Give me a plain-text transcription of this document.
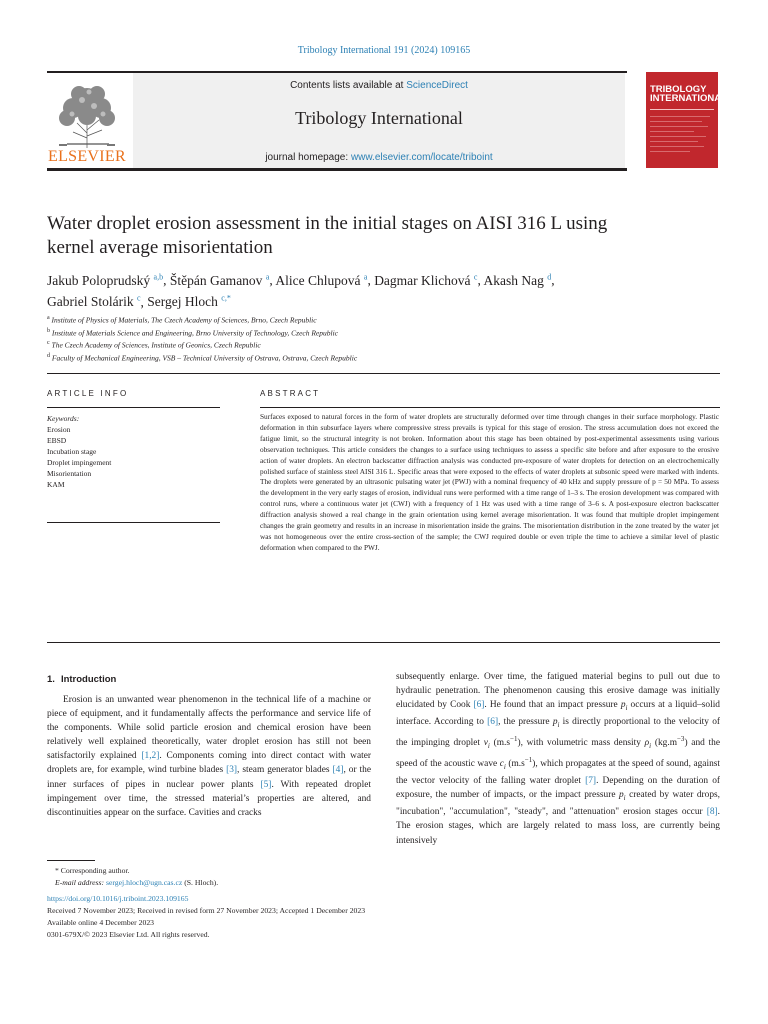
Tribology International 191 (2024) 109165
ELSEVIER
Contents lists available at ScienceDirect
Tribology International
journal homepage: www.elsevier.com/locate/triboint
TRIBOLOGY
INTERNATIONAL
Water droplet erosion assessment in the initial stages on AISI 316 L using
kernel average misorientation
Jakub Poloprudský $^{a,b}$, Štěpán Gamanov $^a$, Alice Chlupová $^a$, Dagmar Klichová $^c$, Akash Nag $^d$,
Gabriel Stolárik $^c$, Sergej Hloch $^{c,*}$
$^a$ Institute of Physics of Materials, The Czech Academy of Sciences, Brno, Czech Republic
$^b$ Institute of Materials Science and Engineering, Brno University of Technology, Czech Republic
$^c$ The Czech Academy of Sciences, Institute of Geonics, Czech Republic
$^d$ Faculty of Mechanical Engineering, VSB – Technical University of Ostrava, Ostrava, Czech Republic
ARTICLE INFO
Keywords:
Erosion
EBSD
Incubation stage
Droplet impingement
Misorientation
KAM
ABSTRACT
Surfaces exposed to natural forces in the form of water droplets are structurally deformed over time through changes in their surface morphology. Plastic deformation in thin subsurface layers where compressive stress prevails is typical for this stage of erosion. The stress accumulation does not exceed the fatigue limit, so the structural integrity is not broken. Information about this stage has been obtained by post-experimental assessments using various observation techniques. This article considers the changes to a surface using techniques to assess a specific site before and after exposure to the erosive action of water droplets. An electron backscatter diffraction analysis was conducted pre-exposure of water droplets for detection on an electrochemically polished surface of stainless steel AISI 316 L. Specific areas that were exposed to the effects of water droplets at subsonic speed were marked with indents. The droplets were generated by an ultrasonic pulsating water jet (PWJ) with a nominal frequency of 40 kHz and supply pressure of p = 50 MPa. To assess the development in the very early stages of erosion, individual runs were performed with a time range of 1–3 s. The erosion development was compared with control runs, where a continuous water jet (CWJ) with a frequency of 1 Hz was used with a time range of 3–6 s. A post-exposure electron backscatter diffraction analysis showed a real change in the grain orientation using kernel average misorientation. It was found that multiple droplet impingement changes the grain geometry and results in an increase in misorientation inside the grains. The misorientation distribution in the zone treated by the water jet was not homogeneous over the entire cross-section of the sample; the CWJ required double or even triple the time to achieve a similar level of plastic deformation when compared to the PWJ.
1. Introduction
Erosion is an unwanted wear phenomenon in the technical life of a machine or piece of equipment, and it fundamentally affects the performance and service life of the components. While solid particle erosion and chemical erosion have been relatively well explained theoretically, water droplet erosion has still not been satisfactorily explained [1,2]. Components coming into direct contact with water droplets are, for example, wind turbine blades [3], steam generator blades [4], or the inner surfaces of pipes in nuclear power plants [5]. With repeated droplet impingement over time, the stressed material’s properties are altered, and discontinuities appear on the surface. Cavities and cracks
subsequently enlarge. Over time, the fatigued material begins to pull out due to hydraulic penetration. The phenomenon causing this erosive damage was initially elucidated by Cook [6]. He found that an impact pressure $p_i$ occurs at a liquid–solid interface. According to [6], the pressure $p_i$ is directly proportional to the velocity of the impinging droplet $v_i$ $(m.s^{-1})$, with volumetric mass density $\rho_i$ $(kg.m^{-3})$ and the speed of the acoustic wave $c_i$ $(m.s^{-1})$, which propagates at the speed of sound, against the vector velocity of the falling water droplet [7]. Depending on the duration of exposure, the number of impacts, or the impact pressure $p_i$ created by water drops, "incubation", "accumulation", "steady", and "attenuation" erosion stages occur [8]. The erosion stages, which are largely related to mass loss, are currently being intensively
* Corresponding author.
E-mail address: sergej.hloch@ugn.cas.cz (S. Hloch).
https://doi.org/10.1016/j.triboint.2023.109165
Received 7 November 2023; Received in revised form 27 November 2023; Accepted 1 December 2023
Available online 4 December 2023
0301-679X/© 2023 Elsevier Ltd. All rights reserved.
